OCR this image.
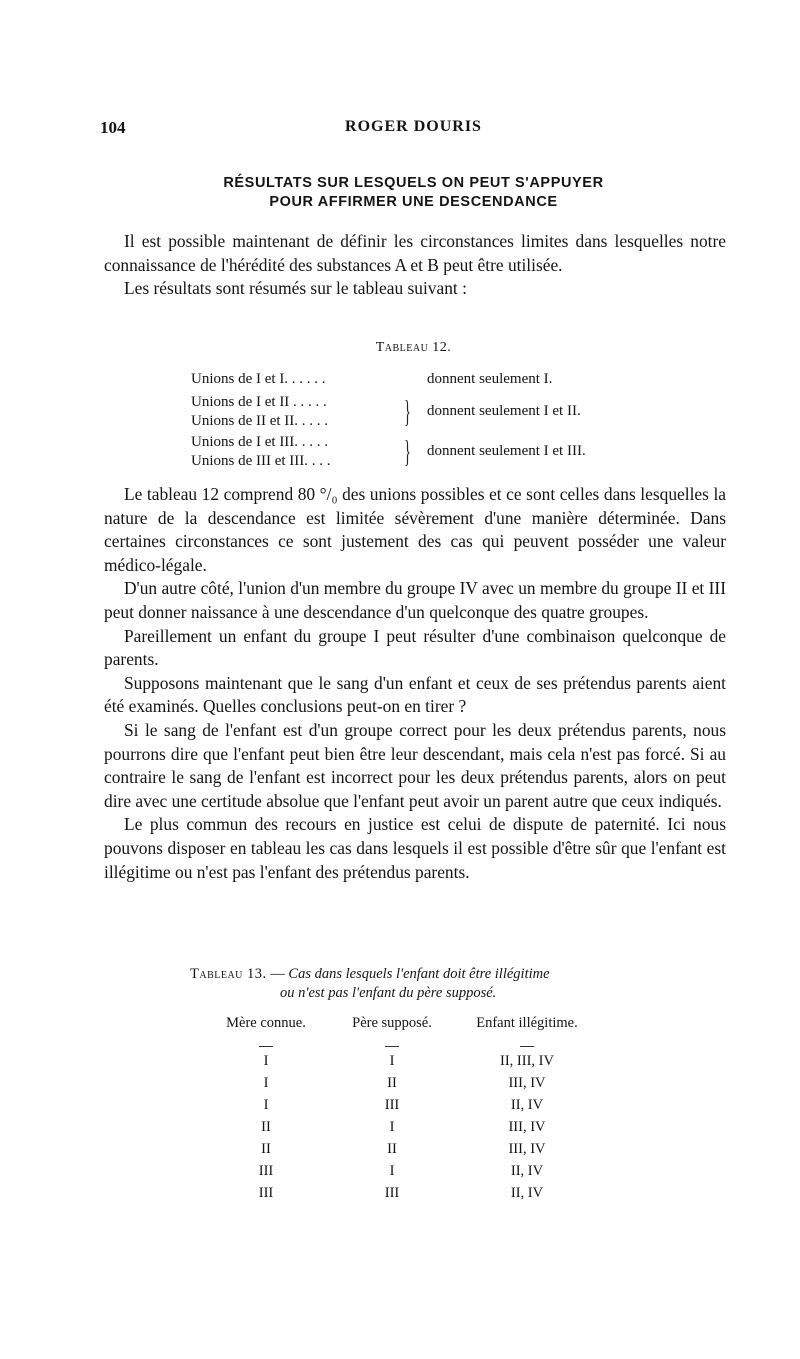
104	ROGER DOURIS
RÉSULTATS SUR LESQUELS ON PEUT S'APPUYER
POUR AFFIRMER UNE DESCENDANCE

Il est possible maintenant de définir les circonstances limites dans lesquelles notre connaissance de l'hérédité des substances A et B peut être utilisée.

Les résultats sont résumés sur le tableau suivant :

Tableau 12.
Unions de I et I. . . . . .	donnent seulement I.
Unions de I et II . . . . .
Unions de II et II. . . . . } donnent seulement I et II.
Unions de I et III. . . . .
Unions de III et III. . . . } donnent seulement I et III.

Le tableau 12 comprend 80 °/₀ des unions possibles et ce sont celles dans lesquelles la nature de la descendance est limitée sévèrement d'une manière déterminée. Dans certaines circonstances ce sont justement des cas qui peuvent posséder une valeur médico-légale.

D'un autre côté, l'union d'un membre du groupe IV avec un membre du groupe II et III peut donner naissance à une descendance d'un quelconque des quatre groupes.

Pareillement un enfant du groupe I peut résulter d'une combinaison quelconque de parents.

Supposons maintenant que le sang d'un enfant et ceux de ses prétendus parents aient été examinés. Quelles conclusions peut-on en tirer ?

Si le sang de l'enfant est d'un groupe correct pour les deux prétendus parents, nous pourrons dire que l'enfant peut bien être leur descendant, mais cela n'est pas forcé. Si au contraire le sang de l'enfant est incorrect pour les deux prétendus parents, alors on peut dire avec une certitude absolue que l'enfant peut avoir un parent autre que ceux indiqués.

Le plus commun des recours en justice est celui de dispute de paternité. Ici nous pouvons disposer en tableau les cas dans lesquels il est possible d'être sûr que l'enfant est illégitime ou n'est pas l'enfant des prétendus parents.

Tableau 13. — Cas dans lesquels l'enfant doit être illégitime
ou n'est pas l'enfant du père supposé.
Mère connue.	Père supposé.	Enfant illégitime.
I	I	II, III, IV
I	II	III, IV
I	III	II, IV
II	I	III, IV
II	II	III, IV
III	I	II, IV
III	III	II, IV
